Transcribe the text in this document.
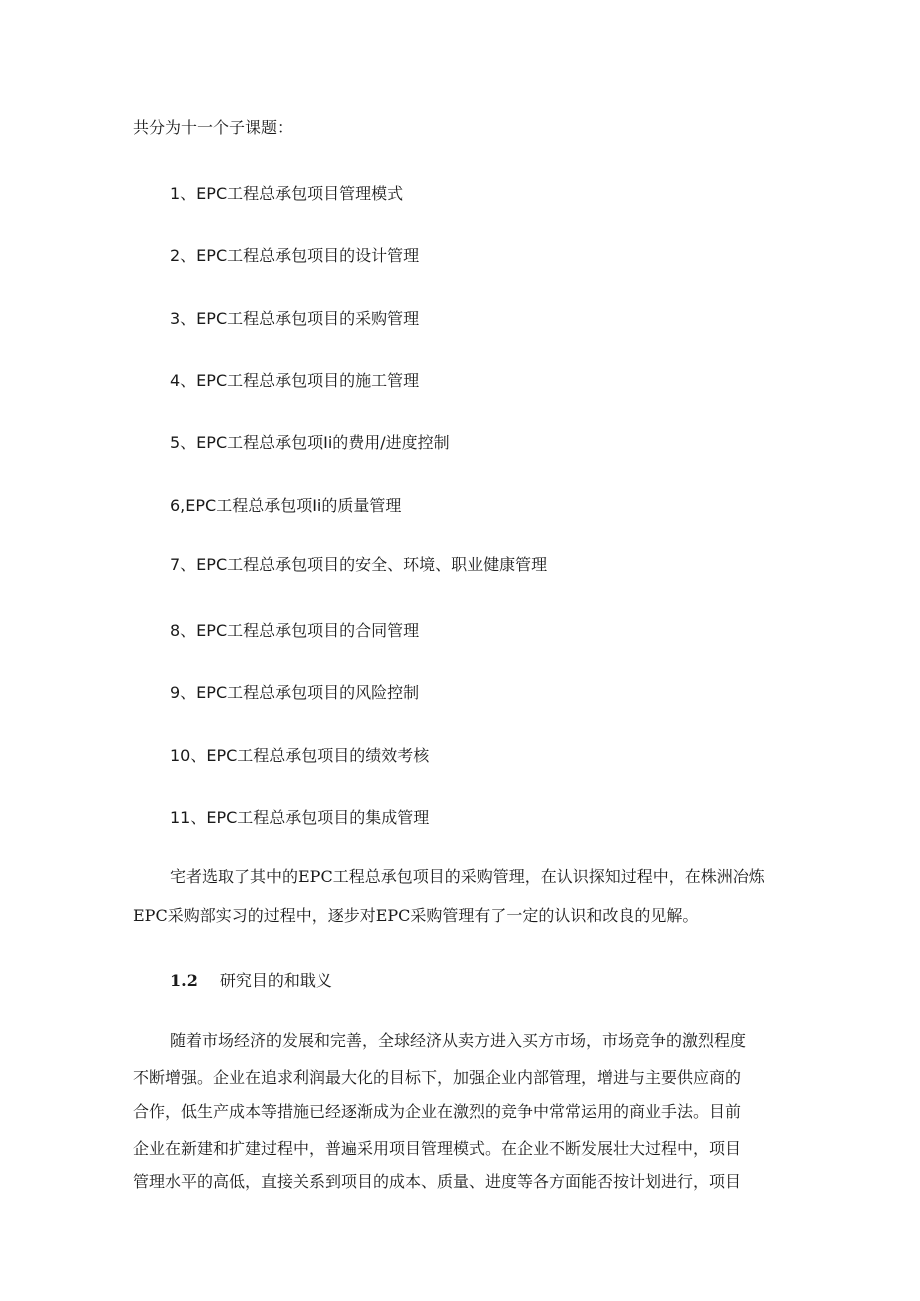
共分为十一个子课题：
1、EPC工程总承包项目管理模式
2、EPC工程总承包项目的设计管理
3、EPC工程总承包项目的采购管理
4、EPC工程总承包项目的施工管理
5、EPC工程总承包项Ii的费用/进度控制
6,EPC工程总承包项Ii的质量管理
7、EPC工程总承包项目的安全、环境、职业健康管理
8、EPC工程总承包项目的合同管理
9、EPC工程总承包项目的风险控制
10、EPC工程总承包项目的绩效考核
11、EPC工程总承包项目的集成管理
宅者选取了其中的EPC工程总承包项目的采购管理，在认识探知过程中，在株洲冶炼
EPC采购部实习的过程中，逐步对EPC采购管理有了一定的认识和改良的见解。
1.2 研究目的和戢义
随着市场经济的发展和完善，全球经济从卖方进入买方市场，市场竞争的激烈程度
不断增强。企业在追求利润最大化的目标下，加强企业内部管理，增进与主要供应商的
合作，低生产成本等措施已经逐渐成为企业在激烈的竞争中常常运用的商业手法。目前
企业在新建和扩建过程中，普遍采用项目管理模式。在企业不断发展壮大过程中，项目
管理水平的高低，直接关系到项目的成本、质量、进度等各方面能否按计划进行，项目
